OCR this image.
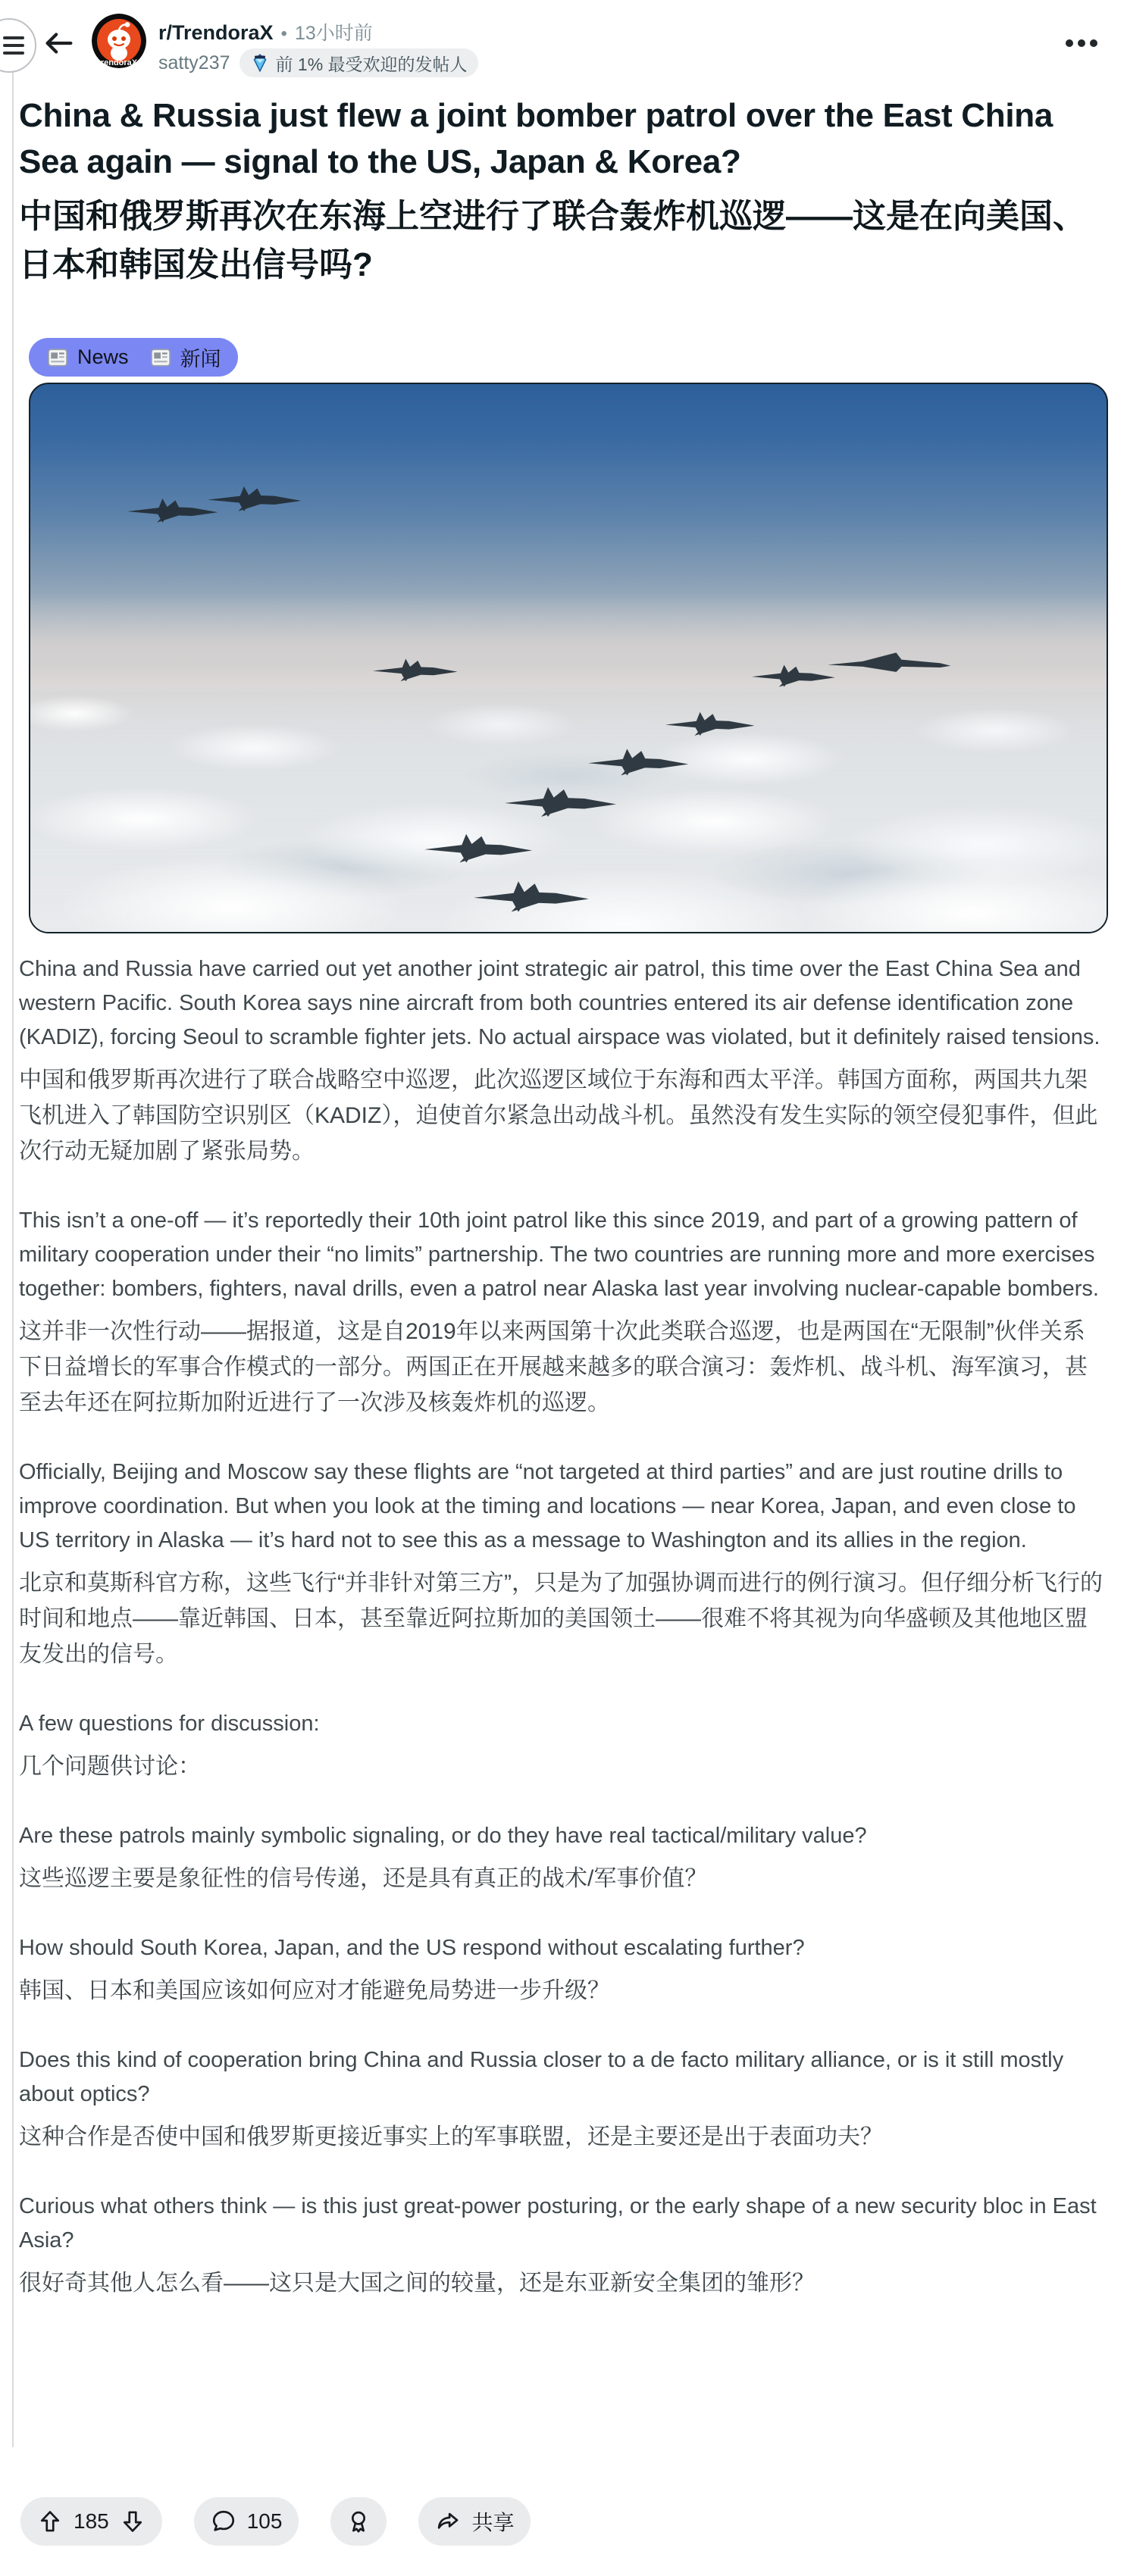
rendoraX
r/TrendoraX • 13小时前
satty237	前 1% 最受欢迎的发帖人
China & Russia just flew a joint bomber patrol over the East China Sea again — signal to the US, Japan & Korea?
中国和俄罗斯再次在东海上空进行了联合轰炸机巡逻——这是在向美国、日本和韩国发出信号吗?
News	新闻

China and Russia have carried out yet another joint strategic air patrol, this time over the East China Sea and western Pacific. South Korea says nine aircraft from both countries entered its air defense identification zone (KADIZ), forcing Seoul to scramble fighter jets. No actual airspace was violated, but it definitely raised tensions.

中国和俄罗斯再次进行了联合战略空中巡逻，此次巡逻区域位于东海和西太平洋。韩国方面称，两国共九架飞机进入了韩国防空识别区（KADIZ），迫使首尔紧急出动战斗机。虽然没有发生实际的领空侵犯事件，但此次行动无疑加剧了紧张局势。

This isn’t a one-off — it’s reportedly their 10th joint patrol like this since 2019, and part of a growing pattern of military cooperation under their “no limits” partnership. The two countries are running more and more exercises together: bombers, fighters, naval drills, even a patrol near Alaska last year involving nuclear-capable bombers.

这并非一次性行动——据报道，这是自2019年以来两国第十次此类联合巡逻，也是两国在“无限制”伙伴关系下日益增长的军事合作模式的一部分。两国正在开展越来越多的联合演习：轰炸机、战斗机、海军演习，甚至去年还在阿拉斯加附近进行了一次涉及核轰炸机的巡逻。

Officially, Beijing and Moscow say these flights are “not targeted at third parties” and are just routine drills to improve coordination. But when you look at the timing and locations — near Korea, Japan, and even close to US territory in Alaska — it’s hard not to see this as a message to Washington and its allies in the region.

北京和莫斯科官方称，这些飞行“并非针对第三方”，只是为了加强协调而进行的例行演习。但仔细分析飞行的时间和地点——靠近韩国、日本，甚至靠近阿拉斯加的美国领土——很难不将其视为向华盛顿及其他地区盟友发出的信号。

A few questions for discussion:

几个问题供讨论：

Are these patrols mainly symbolic signaling, or do they have real tactical/military value?

这些巡逻主要是象征性的信号传递，还是具有真正的战术/军事价值？

How should South Korea, Japan, and the US respond without escalating further?

韩国、日本和美国应该如何应对才能避免局势进一步升级？

Does this kind of cooperation bring China and Russia closer to a de facto military alliance, or is it still mostly about optics?

这种合作是否使中国和俄罗斯更接近事实上的军事联盟，还是主要还是出于表面功夫？

Curious what others think — is this just great-power posturing, or the early shape of a new security bloc in East Asia?

很好奇其他人怎么看——这只是大国之间的较量，还是东亚新安全集团的雏形？

185	105	共享
